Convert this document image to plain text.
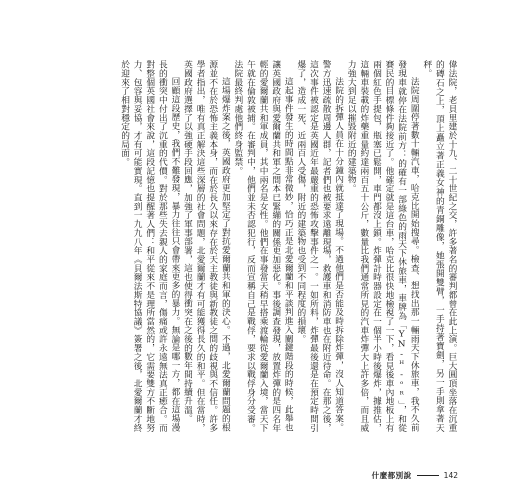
偉法院，老貝里建於十九、二十世紀之交，許多著名的審判都曾在此上演。巨大圓頂坐落在沉重的磚石之上，頂上矗立著正義女神的青銅雕像，她張開雙臂，一手持著寶劍，另一手則拿著天秤。

法院周圍停著數十輛汽車，哈克比開始搜尋。檢查、想找出那一輛雨天下休旅車，我不久前發現車就停在法院前方：的確有一部綠色的雨天下休旅車，車牌為「YN-ᴴ-ᵒᴿ」，和從賽民的目標條件夠接近了。他確定就是這台車，哈克比很快地檢視了一下，看見後車內地板上有兩個紅色手提包，瓶塞已鬆開，車門都沒上鎖。炸彈計時器設定在一個半小時後爆炸，據推估，這輛車裝載的炸藥重量約達兩百五十公斤，數量比我們通常所見的汽車炸彈大上許多倍，而且威力強大到足以摧毀附近的建築物。

法院的拆彈人員在十分鐘內就抵達了現場。不過他們是否能及時拆除炸彈，沒人知道答案。警方迅速疏散周邊人群，記者們也被要求遠離現場，救護車和消防車也在附近待命。在那之後，這次事件被認定是英國近年最嚴重的恐怖攻擊事件之一。一如所料，炸彈最後還是在預定時間引爆了，造成一死、近兩百人受傷，附近的建築物也受到不同程度的損壞。

這起事件發生的時間點非常微妙，恰巧正是北愛爾蘭和平談判進入關鍵階段的時候，此舉也讓英國政府與愛爾蘭共和軍之間本已緊繃的關係更加惡化。事後調查發現，放置炸彈的是四名年輕的愛爾蘭共和軍成員，其中兩名是女性。他們在事發當天稍早搭乘渡輪從愛爾蘭入境，當天下午就在倫敦被捕。在審判中，他們並未否認犯行，反而宣稱自己是戰俘，要求以戰俘身分受審。法院最終判處他們終身監禁。

這場爆炸案之後，英國政府更加堅定了對抗愛爾蘭共和軍的決心。不過，北愛爾蘭問題的根源並不在於恐怖主義本身，而在於長久以來存在於天主教徒與新教徒之間的歧視與不信任。許多學者指出，唯有真正解決這些深層的社會問題，北愛爾蘭才有可能獲得長久的和平。但在當時，英國政府選擇了以強硬手段回應，加強了軍事部署，這也使得衝突在之後的數年間持續升溫。

回顧這段歷史，我們不難發現，暴力往往只會帶來更多的暴力。無論是哪一方，都在這場漫長的衝突中付出了沉重的代價。對於那些失去親人的家庭而言，傷痛或許永遠無法真正癒合。而對整個英國社會來說，這段記憶也提醒著人們：和平從來不是理所當然的，它需要雙方不斷地努力、包容與妥協，才有可能實現。直到一九九八年《貝爾法斯特協議》簽署之後，北愛爾蘭才終於迎來了相對穩定的局面。

什麼都別說	142
